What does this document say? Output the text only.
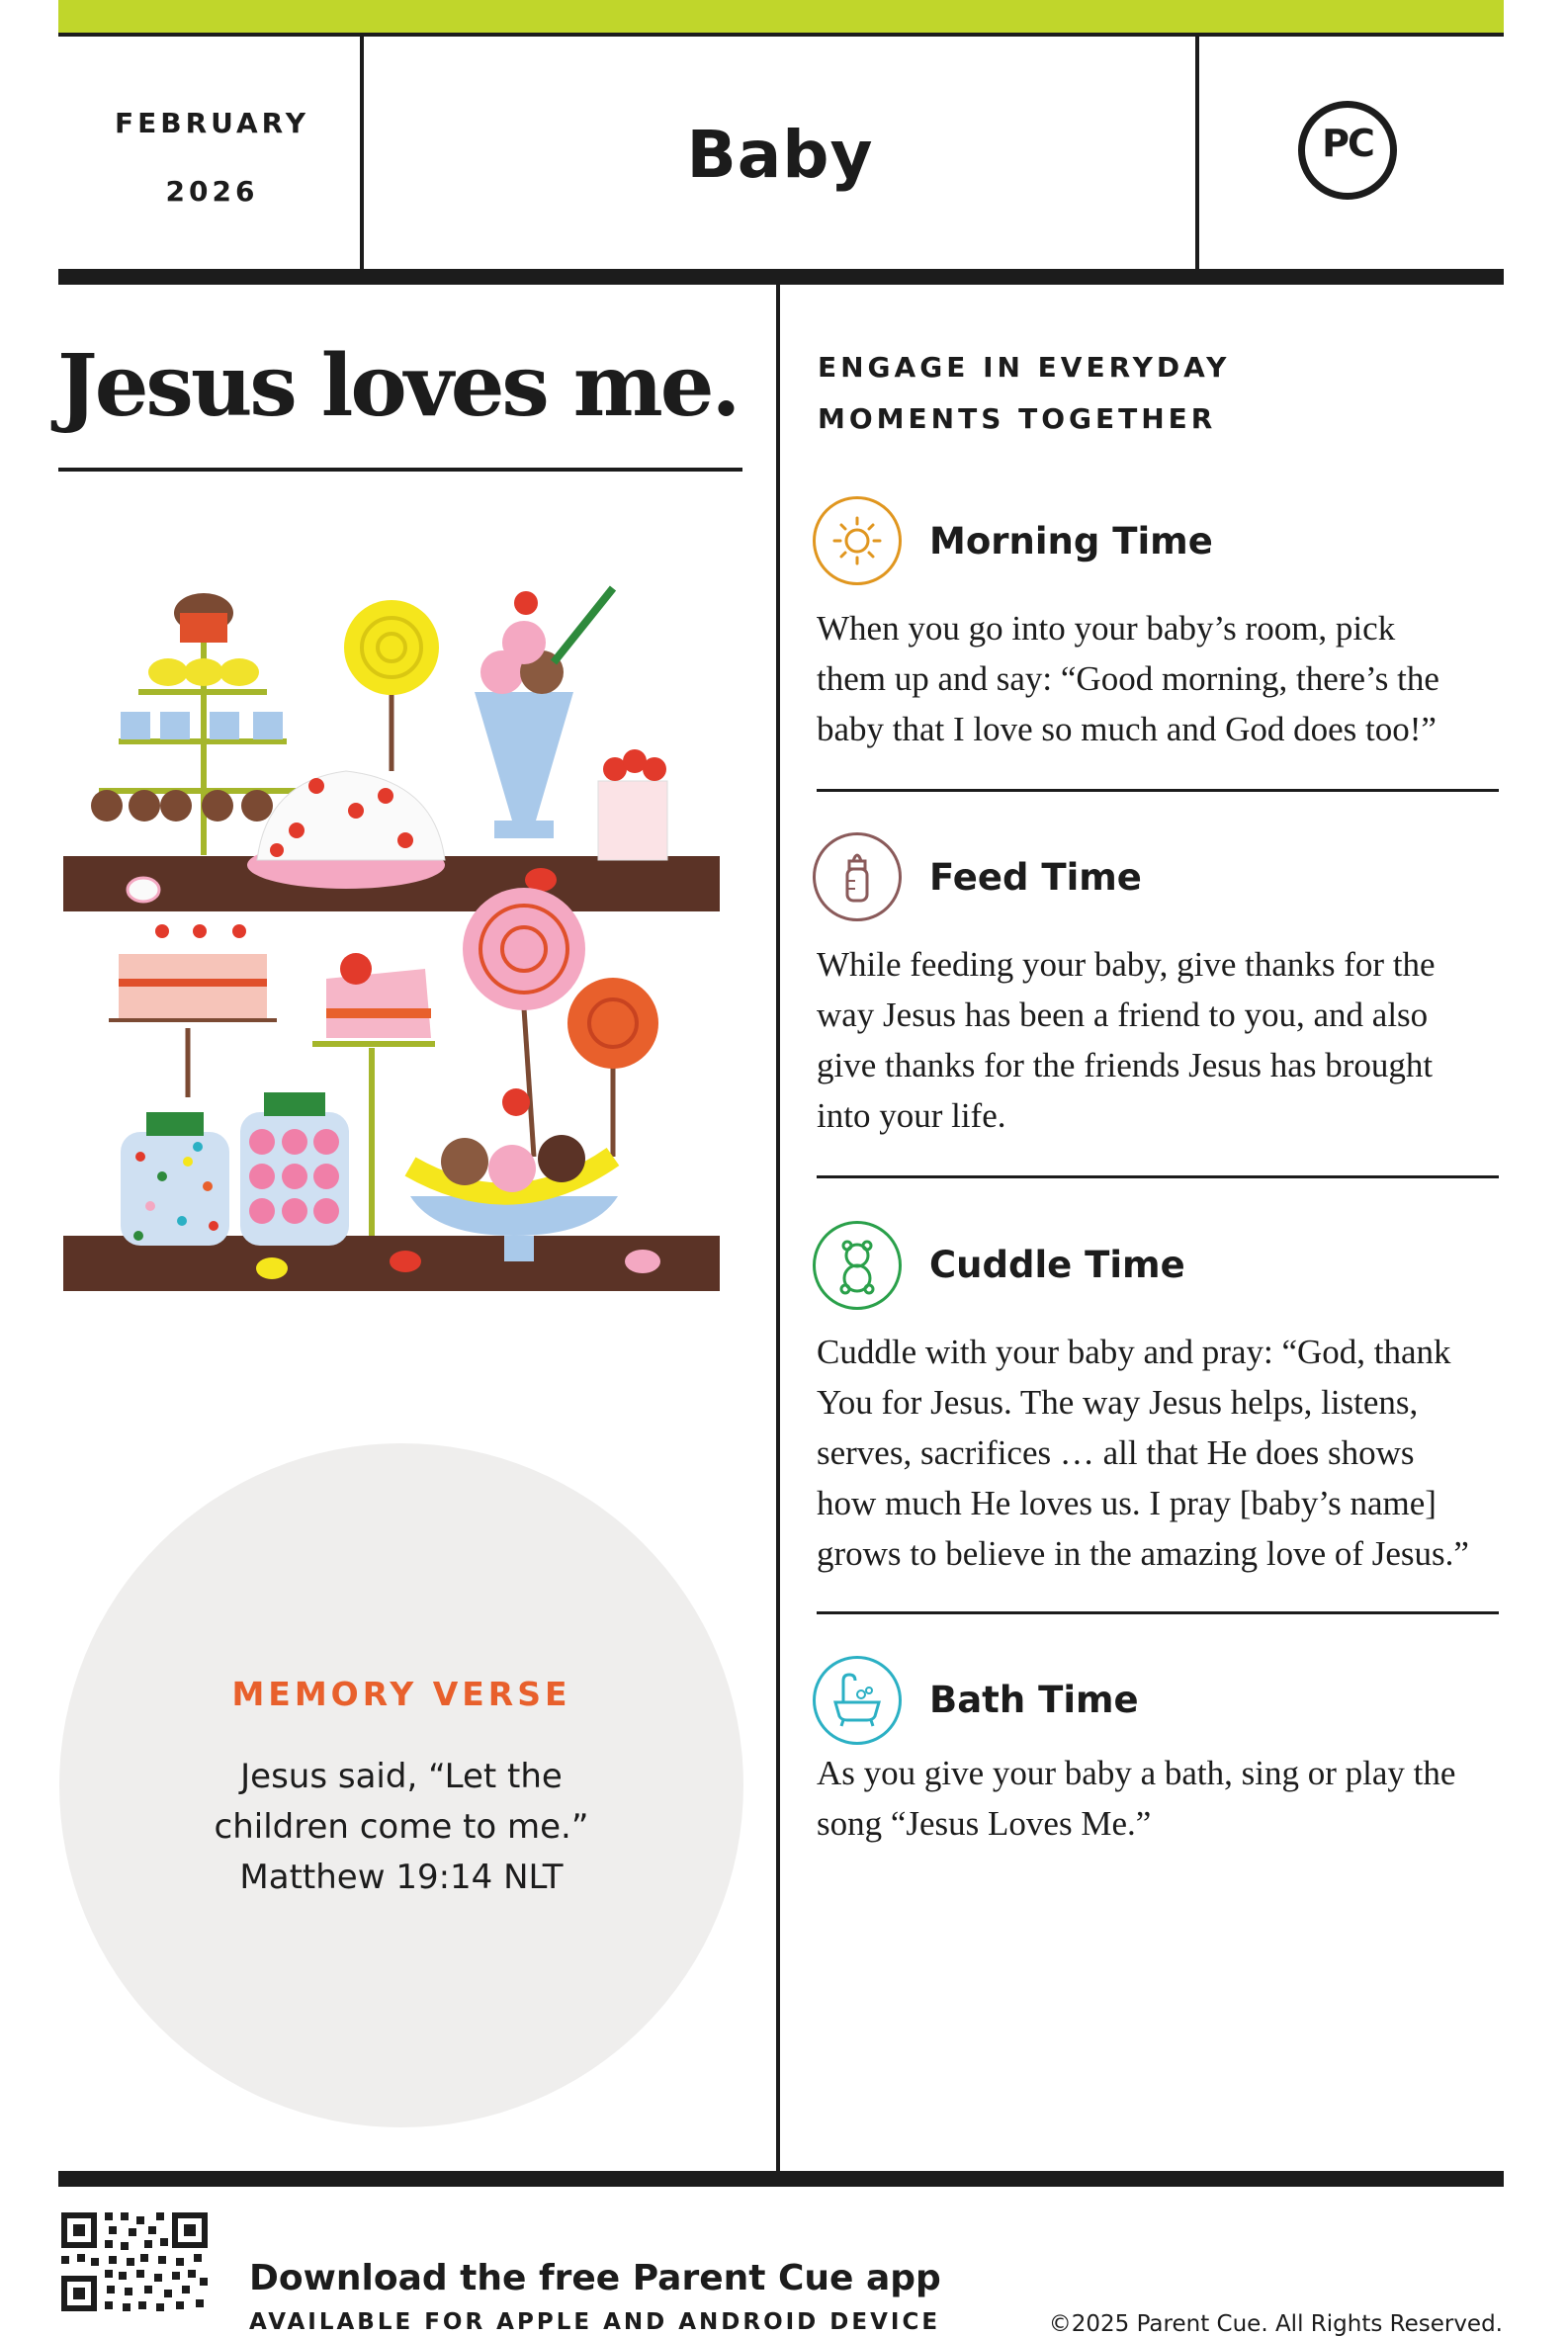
FEBRUARY
2026	Baby	PC
Jesus loves me.
MEMORY VERSE
Jesus said, “Let the
children come to me.”
Matthew 19:14 NLT
ENGAGE IN EVERYDAY
MOMENTS TOGETHER
Morning Time
When you go into your baby’s room, pick
them up and say: “Good morning, there’s the
baby that I love so much and God does too!”
Feed Time
While feeding your baby, give thanks for the
way Jesus has been a friend to you, and also
give thanks for the friends Jesus has brought
into your life.
Cuddle Time
Cuddle with your baby and pray: “God, thank
You for Jesus. The way Jesus helps, listens,
serves, sacrifices … all that He does shows
how much He loves us. I pray [baby’s name]
grows to believe in the amazing love of Jesus.”
Bath Time
As you give your baby a bath, sing or play the
song “Jesus Loves Me.”
Download the free Parent Cue app
AVAILABLE FOR APPLE AND ANDROID DEVICE	©2025 Parent Cue. All Rights Reserved.
